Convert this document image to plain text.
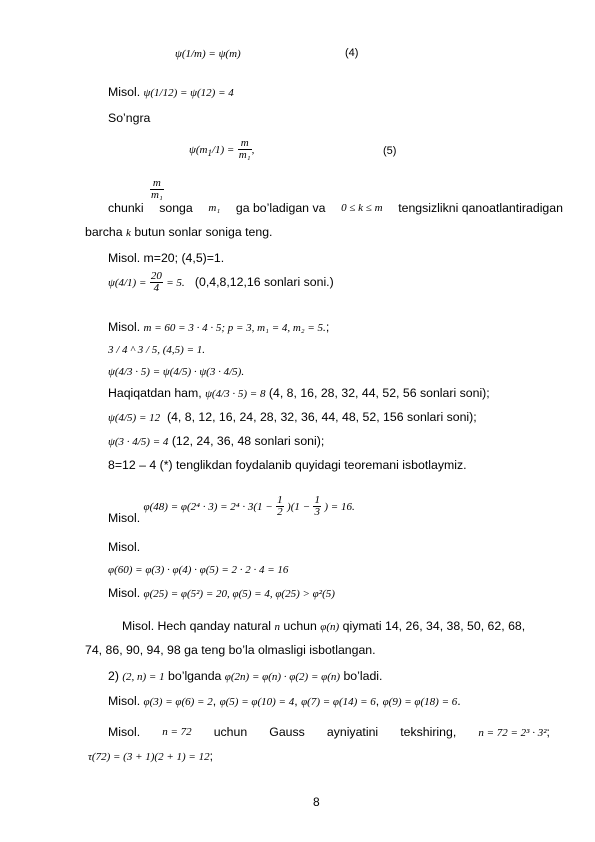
ψ(1/m) = ψ(m)	(4)
Misol. ψ(1/12) = ψ(12) = 4
So’ngra
$\psi(m_1/1) = \frac{m}{\text{m₁}}$ ,	(5)
$\frac{m}{\text{m₁}}$
chunki songa m₁ ga bo’ladigan va 0 ≤ k ≤ m tengsizlikni qanoatlantiradigan
barcha k butun sonlar soniga teng.
Misol. m=20; (4,5)=1.
$\psi(4/1) = \frac{20}{4} = 5$. (0,4,8,12,16 sonlari soni.)
Misol. m = 60 = 3 · 4 · 5; p = 3, m₁ = 4, m₂ = 5.;
3 / 4 ^ 3 / 5, (4,5) = 1.
ψ(4/3 · 5) = ψ(4/5) · ψ(3 · 4/5).
Haqiqatdan ham, ψ(4/3 · 5) = 8 (4, 8, 16, 28, 32, 44, 52, 56 sonlari soni);
ψ(4/5) = 12 (4, 8, 12, 16, 24, 28, 32, 36, 44, 48, 52, 156 sonlari soni);
ψ(3 · 4/5) = 4 (12, 24, 36, 48 sonlari soni);
8=12 – 4 (*) tenglikdan foydalanib quyidagi teoremani isbotlaymiz.
Misol. $\varphi(48) = \varphi(2^4 \cdot 3) = 2^4 \cdot 3(1 - \frac{1}{2} )(1 - \frac{1}{3}$ ) = 16.
Misol.
φ(60) = φ(3) · φ(4) · φ(5) = 2 · 2 · 4 = 16
Misol. φ(25) = φ(5²) = 20, φ(5) = 4, φ(25) > φ²(5)
Misol. Hech qanday natural n uchun φ(n) qiymati 14, 26, 34, 38, 50, 62, 68,
74, 86, 90, 94, 98 ga teng bo’la olmasligi isbotlangan.
2) (2, n) = 1 bo’lganda φ(2n) = φ(n) · φ(2) = φ(n) bo’ladi.
Misol. φ(3) = φ(6) = 2, φ(5) = φ(10) = 4, φ(7) = φ(14) = 6, φ(9) = φ(18) = 6.
Misol. n = 72 uchun Gauss ayniyatini tekshiring, n = 72 = 2³ · 3²;
τ(72) = (3 + 1)(2 + 1) = 12;
8
